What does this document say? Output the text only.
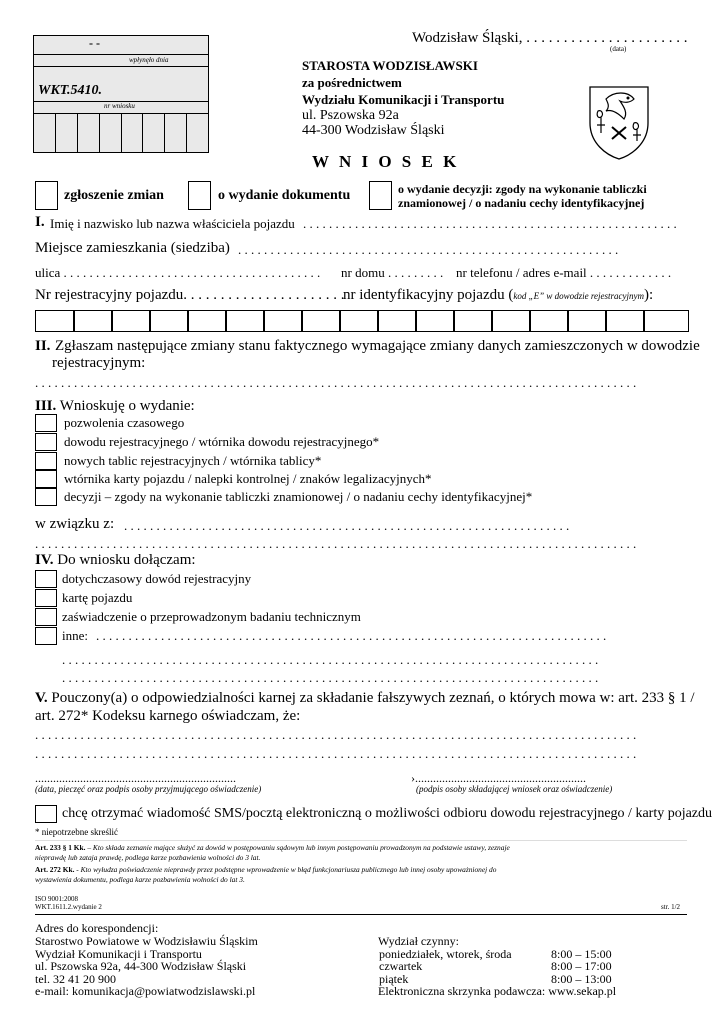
Wodzisław Śląski, . . . . . . . . . . . . . . . . . . . . . .
(data)
- -
wpłynęło dnia
WKT.5410.
nr wniosku
STAROSTA WODZISŁAWSKI
za pośrednictwem
Wydziału Komunikacji i Transportu
ul. Pszowska 92a
44-300 Wodzisław Śląski
W N I O S E K
zgłoszenie zmian	o wydanie dokumentu	o wydanie decyzji: zgody na wykonanie tabliczki
znamionowej / o nadaniu cechy identyfikacyjnej
I. Imię i nazwisko lub nazwa właściciela pojazdu . . . . . . . . . . . . . . . . . . . . . . . . . . . . . . . . . . . . . . . . . . . . . . . . . . . . . . . . . .
Miejsce zamieszkania (siedziba) . . . . . . . . . . . . . . . . . . . . . . . . . . . . . . . . . . . . . . . . . . . . . . . . . . . . . . . . . . .
ulica . . . . . . . . . . . . . . . . . . . . . . . . . . . . . . . . . . . . . . . . nr domu . . . . . . . . . nr telefonu / adres e-mail . . . . . . . . . . . . .
Nr rejestracyjny pojazdu. . . . . . . . . . . . . . . . . . . . . .
nr identyfikacyjny pojazdu (kod „E” w dowodzie rejestracyjnym):
II. Zgłaszam następujące zmiany stanu faktycznego wymagające zmiany danych zamieszczonych w dowodzie
rejestracyjnym:
. . . . . . . . . . . . . . . . . . . . . . . . . . . . . . . . . . . . . . . . . . . . . . . . . . . . . . . . . . . . . . . . . . . . . . . . . . . . . . . . . . . . . . . . . . . . .
III. Wnioskuję o wydanie:
pozwolenia czasowego
dowodu rejestracyjnego / wtórnika dowodu rejestracyjnego*
nowych tablic rejestracyjnych / wtórnika tablicy*
wtórnika karty pojazdu / nalepki kontrolnej / znaków legalizacyjnych*
decyzji – zgody na wykonanie tabliczki znamionowej / o nadaniu cechy identyfikacyjnej*
w związku z: . . . . . . . . . . . . . . . . . . . . . . . . . . . . . . . . . . . . . . . . . . . . . . . . . . . . . . . . . . . . . . . . . . . . .
. . . . . . . . . . . . . . . . . . . . . . . . . . . . . . . . . . . . . . . . . . . . . . . . . . . . . . . . . . . . . . . . . . . . . . . . . . . . . . . . . . . . . . . . . . . . .
IV. Do wniosku dołączam:
dotychczasowy dowód rejestracyjny
kartę pojazdu
zaświadczenie o przeprowadzonym badaniu technicznym
inne: . . . . . . . . . . . . . . . . . . . . . . . . . . . . . . . . . . . . . . . . . . . . . . . . . . . . . . . . . . . . . . . . . . . . . . . . . . . . . . .
. . . . . . . . . . . . . . . . . . . . . . . . . . . . . . . . . . . . . . . . . . . . . . . . . . . . . . . . . . . . . . . . . . . . . . . . . . . . . . . . . . .
. . . . . . . . . . . . . . . . . . . . . . . . . . . . . . . . . . . . . . . . . . . . . . . . . . . . . . . . . . . . . . . . . . . . . . . . . . . . . . . . . . .
V. Pouczony(a) o odpowiedzialności karnej za składanie fałszywych zeznań, o których mowa w: art. 233 § 1 /
art. 272* Kodeksu karnego oświadczam, że:
. . . . . . . . . . . . . . . . . . . . . . . . . . . . . . . . . . . . . . . . . . . . . . . . . . . . . . . . . . . . . . . . . . . . . . . . . . . . . . . . . . . . . . . . . . . . .
. . . . . . . . . . . . . . . . . . . . . . . . . . . . . . . . . . . . . . . . . . . . . . . . . . . . . . . . . . . . . . . . . . . . . . . . . . . . . . . . . . . . . . . . . . . . .
...................................................................
(data, pieczęć oraz podpis osoby przyjmującego oświadczenie)
›.........................................................
(podpis osoby składającej wniosek oraz oświadczenie)
chcę otrzymać wiadomość SMS/pocztą elektroniczną o możliwości odbioru dowodu rejestracyjnego / karty pojazdu
* niepotrzebne skreślić
Art. 233 § 1 Kk. – Kto składa zeznanie mające służyć za dowód w postępowaniu sądowym lub innym postępowaniu prowadzonym na podstawie ustawy, zeznaje
nieprawdę lub zataja prawdę, podlega karze pozbawienia wolności do 3 lat.
Art. 272 Kk. - Kto wyłudza poświadczenie nieprawdy przez podstępne wprowadzenie w błąd funkcjonariusza publicznego lub innej osoby upoważnionej do
wystawienia dokumentu, podlega karze pozbawienia wolności do lat 3.
ISO 9001:2008
WKT.1611.2.wydanie 2	str. 1/2
Adres do korespondencji:
Starostwo Powiatowe w Wodzisławiu Śląskim
Wydział Komunikacji i Transportu
ul. Pszowska 92a, 44-300 Wodzisław Śląski
tel. 32 41 20 900
e-mail: komunikacja@powiatwodzislawski.pl
Wydział czynny:
poniedziałek, wtorek, środa	8:00 – 15:00
czwartek	8:00 – 17:00
piątek	8:00 – 13:00
Elektroniczna skrzynka podawcza: www.sekap.pl
